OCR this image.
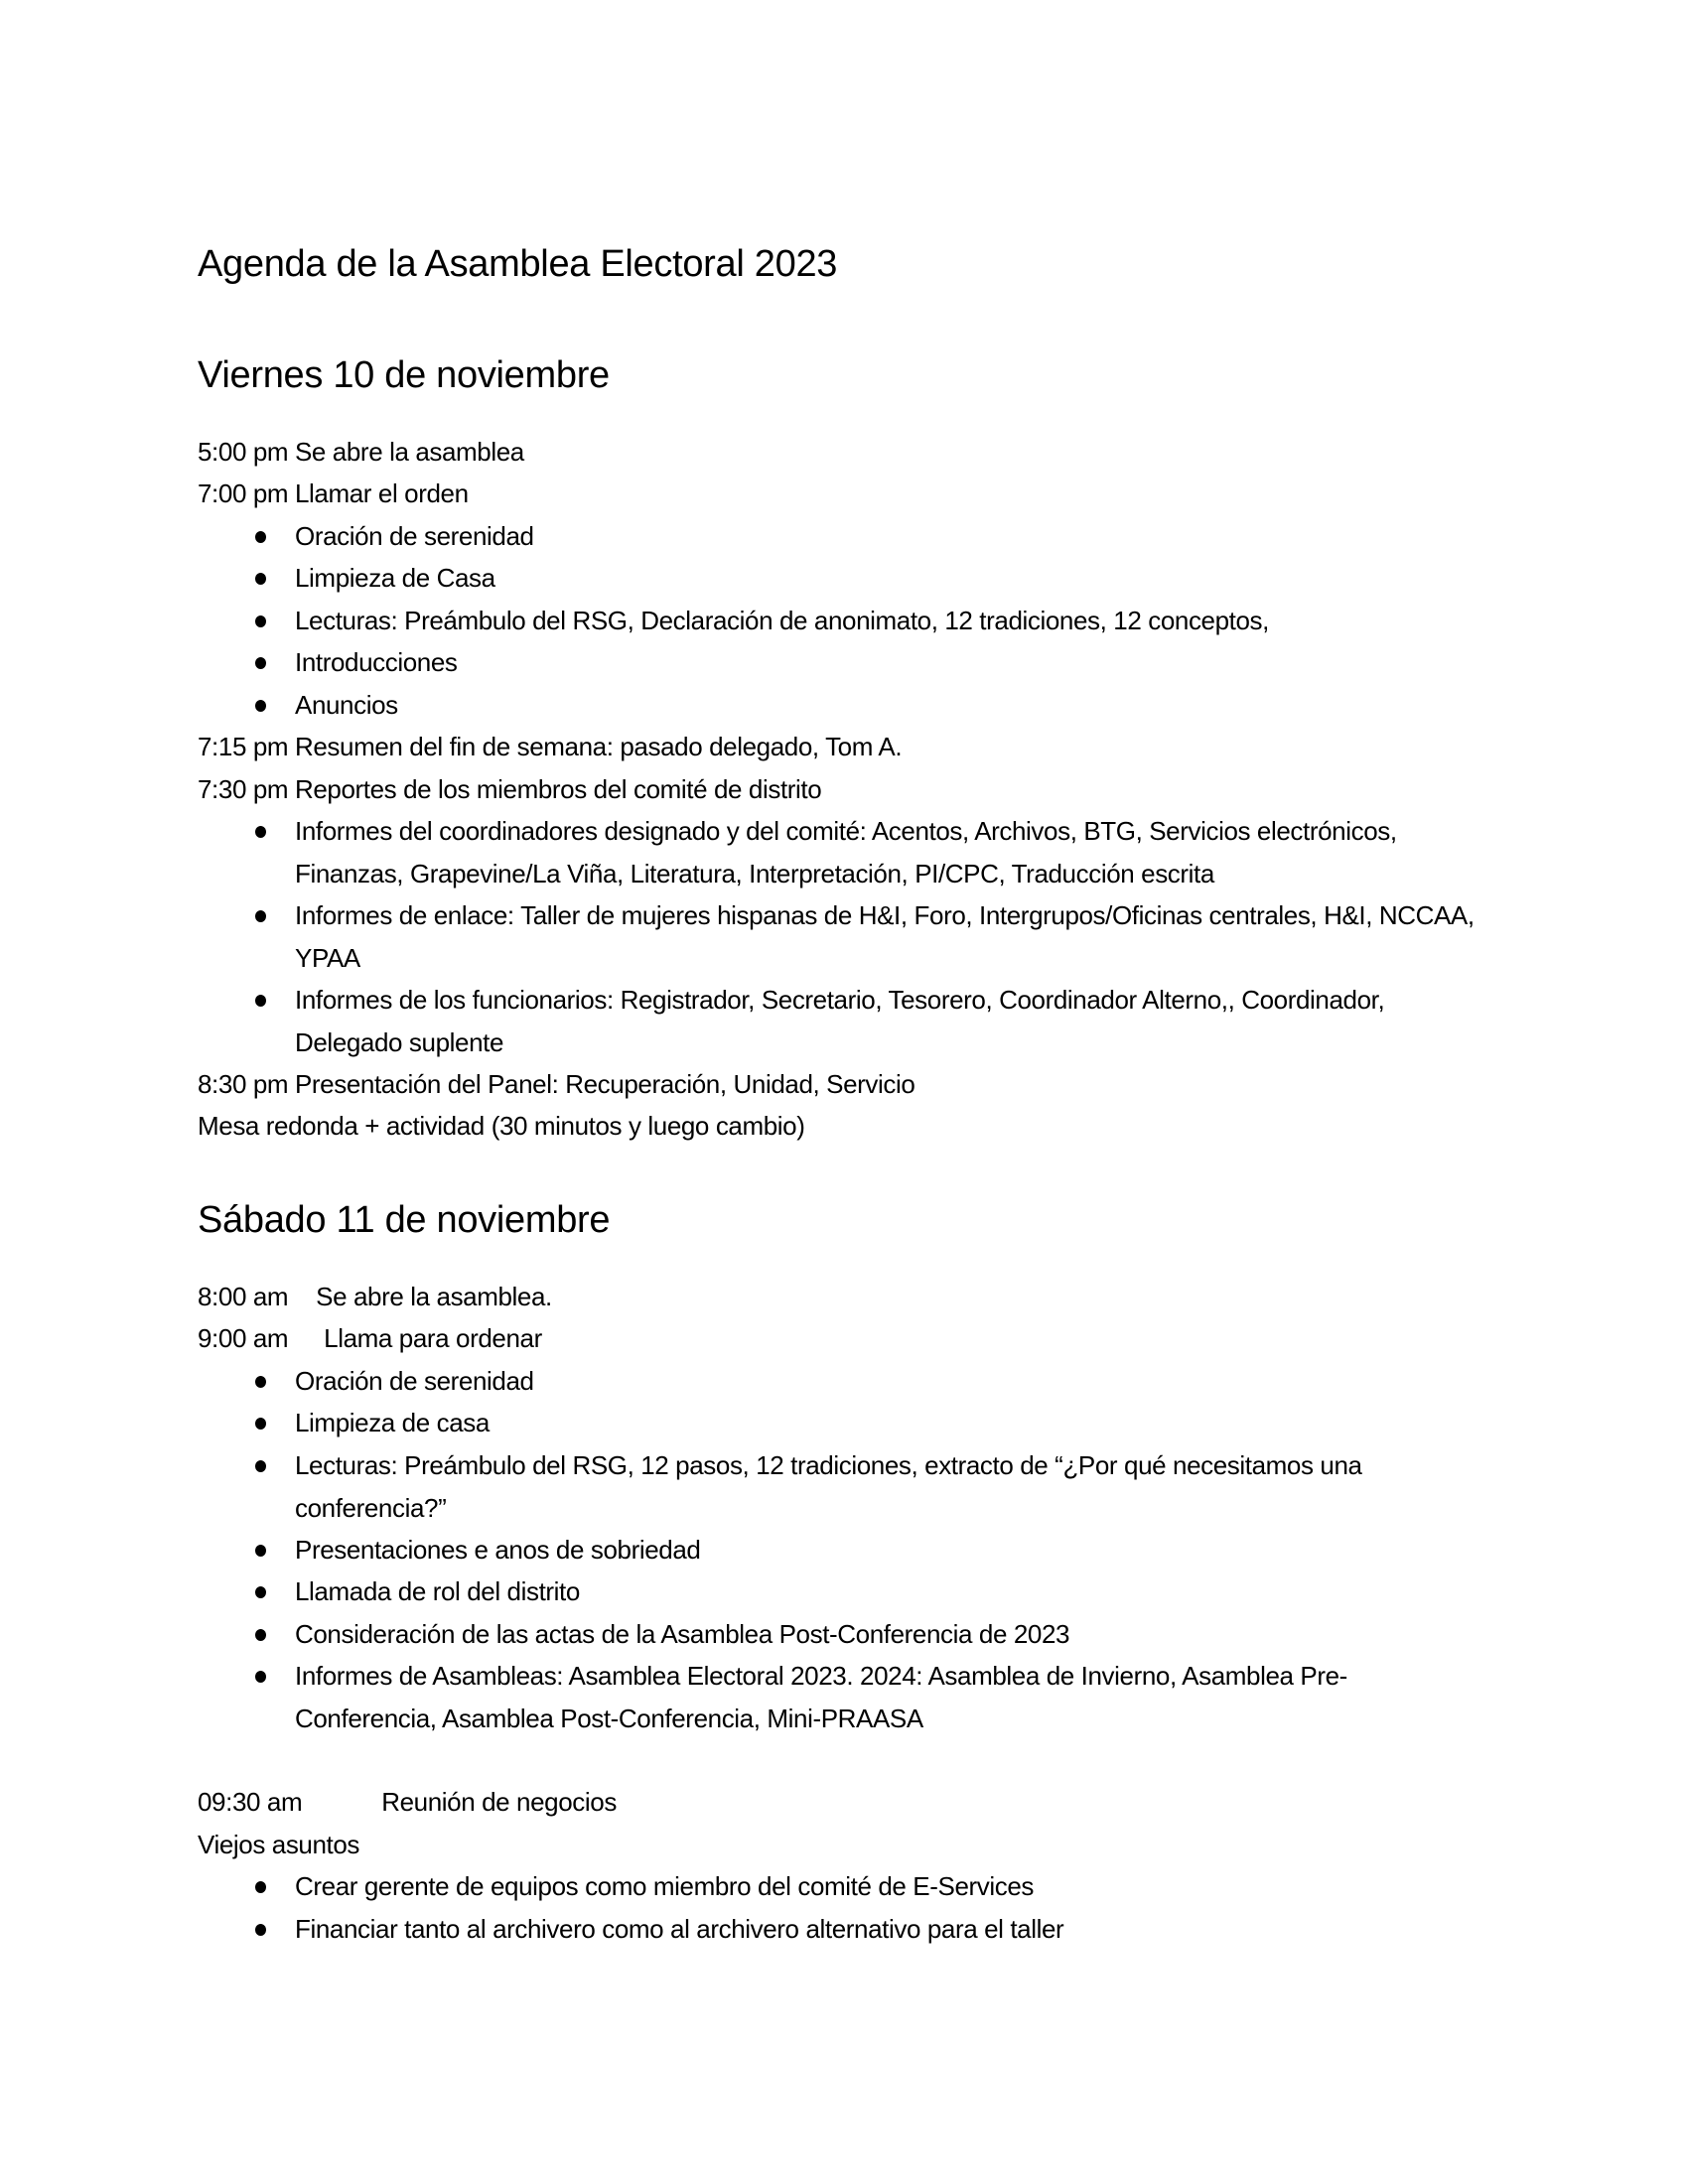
Agenda de la Asamblea Electoral 2023
Viernes 10 de noviembre
5:00 pm Se abre la asamblea
7:00 pm Llamar el orden
Oración de serenidad
Limpieza de Casa
Lecturas: Preámbulo del RSG, Declaración de anonimato, 12 tradiciones, 12 conceptos,
Introducciones
Anuncios
7:15 pm Resumen del fin de semana: pasado delegado, Tom A.
7:30 pm Reportes de los miembros del comité de distrito
Informes del coordinadores designado y del comité: Acentos, Archivos, BTG, Servicios electrónicos, Finanzas, Grapevine/La Viña, Literatura, Interpretación, PI/CPC, Traducción escrita
Informes de enlace: Taller de mujeres hispanas de H&I, Foro, Intergrupos/Oficinas centrales, H&I, NCCAA, YPAA
Informes de los funcionarios: Registrador, Secretario, Tesorero, Coordinador Alterno,, Coordinador, Delegado suplente
8:30 pm Presentación del Panel: Recuperación, Unidad, Servicio
Mesa redonda + actividad (30 minutos y luego cambio)
Sábado 11 de noviembre
8:00 am Se abre la asamblea.
9:00 am Llama para ordenar
Oración de serenidad
Limpieza de casa
Lecturas: Preámbulo del RSG, 12 pasos, 12 tradiciones, extracto de “¿Por qué necesitamos una conferencia?”
Presentaciones e anos de sobriedad
Llamada de rol del distrito
Consideración de las actas de la Asamblea Post-Conferencia de 2023
Informes de Asambleas: Asamblea Electoral 2023. 2024: Asamblea de Invierno, Asamblea Pre-Conferencia, Asamblea Post-Conferencia, Mini-PRAASA
09:30 am	Reunión de negocios
Viejos asuntos
Crear gerente de equipos como miembro del comité de E-Services
Financiar tanto al archivero como al archivero alternativo para el taller
